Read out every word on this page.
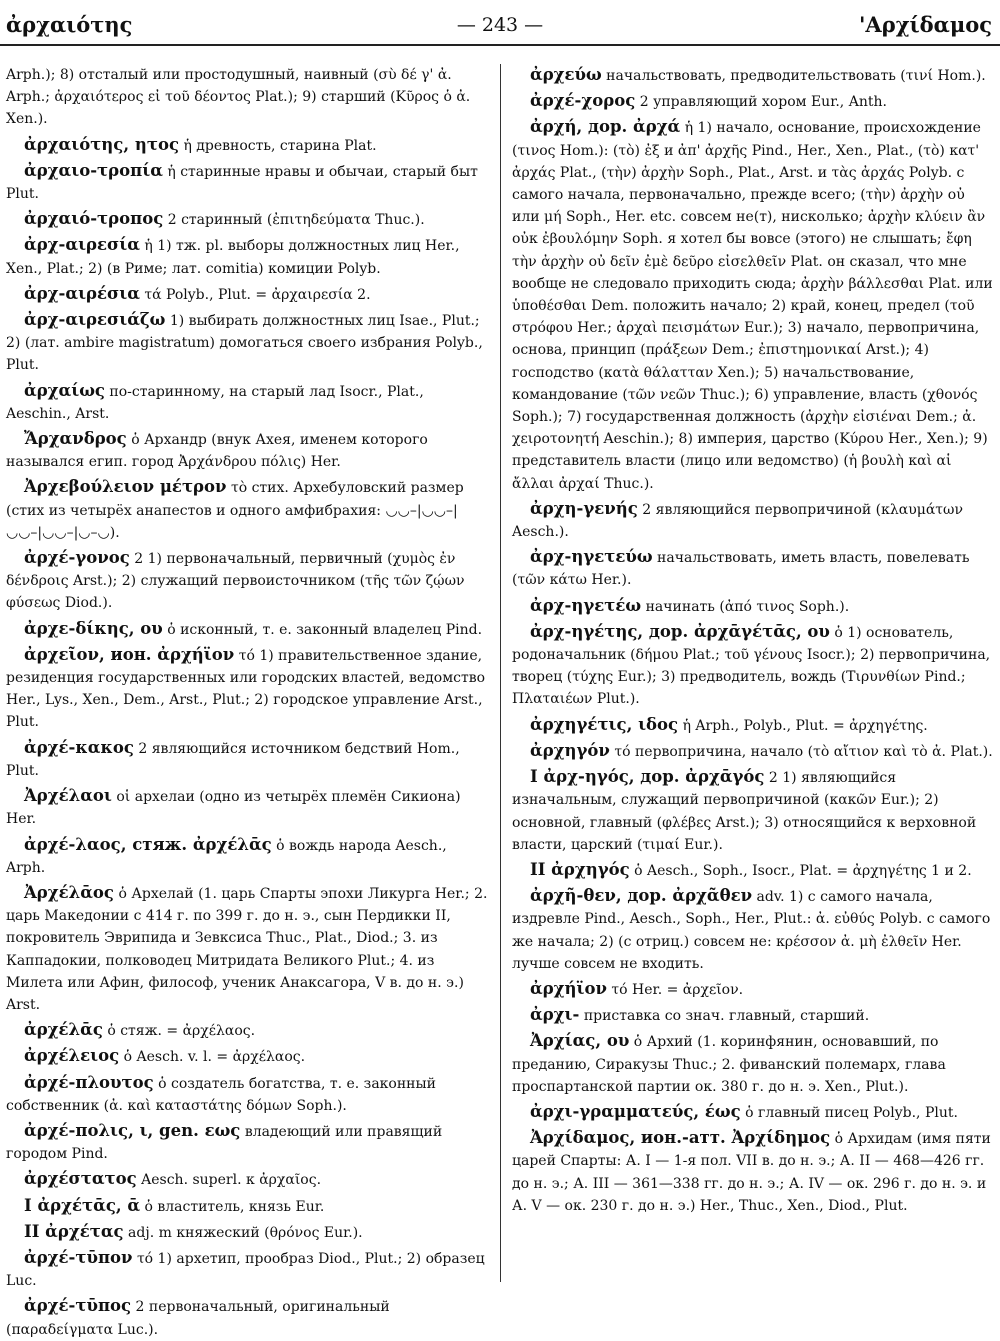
ἀρχαιότης	— 243 —	'Αρχίδαμος

Arph.); 8) отсталый или простодушный, наивный (σὺ δέ γ' ἀ. Arph.; ἀρχαιότερος εἰ τοῦ δέοντος Plat.); 9) старший (Κῦρος ὁ ἀ. Xen.).

ἀρχαιότης, ητος ἡ древность, старина Plat.

ἀρχαιο-τροπία ἡ старинные нравы и обычаи, старый быт Plut.

ἀρχαιό-τροπος 2 старинный (ἐπιτηδεύματα Thuc.).

ἀρχ-αιρεσία ἡ 1) тж. pl. выборы должностных лиц Her., Xen., Plat.; 2) (в Риме; лат. comitia) комиции Polyb.

ἀρχ-αιρέσια τά Polyb., Plut. = ἀρχαιρεσία 2.

ἀρχ-αιρεσιάζω 1) выбирать должностных лиц Isae., Plut.; 2) (лат. ambire magistratum) домогаться своего избрания Polyb., Plut.

ἀρχαίως по-старинному, на старый лад Isocr., Plat., Aeschin., Arst.

Ἄρχανδρος ὁ Архандр (внук Ахея, именем которого назывался егип. город Ἀρχάνδρου πόλις) Her.

Ἀρχεβούλειον μέτρον τὸ стих. Архебуловский размер (стих из четырёх анапестов и одного амфибрахия: ◡◡–|◡◡–|◡◡–|◡◡–|◡–◡).

ἀρχέ-γονος 2 1) первоначальный, первичный (χυμὸς ἐν δένδροις Arst.); 2) служащий первоисточником (τῆς τῶν ζῴων φύσεως Diod.).

ἀρχε-δίκης, ου ὁ исконный, т. е. законный владелец Pind.

ἀρχεῖον, ион. ἀρχήϊον τό 1) правительственное здание, резиденция государственных или городских властей, ведомство Her., Lys., Xen., Dem., Arst., Plut.; 2) городское управление Arst., Plut.

ἀρχέ-κακος 2 являющийся источником бедствий Hom., Plut.

Ἀρχέλαοι οἱ архелаи (одно из четырёх племён Сикиона) Her.

ἀρχέ-λαος, стяж. ἀρχέλᾱς ὁ вождь народа Aesch., Arph.

Ἀρχέλᾱος ὁ Архелай (1. царь Спарты эпохи Ликурга Her.; 2. царь Македонии с 414 г. по 399 г. до н. э., сын Пердикки II, покровитель Эврипида и Зевксиса Thuc., Plat., Diod.; 3. из Каппадокии, полководец Митридата Великого Plut.; 4. из Милета или Афин, философ, ученик Анаксагора, V в. до н. э.) Arst.

ἀρχέλᾱς ὁ стяж. = ἀρχέλαος.

ἀρχέλειος ὁ Aesch. v. l. = ἀρχέλαος.

ἀρχέ-πλουτος ὁ создатель богатства, т. е. законный собственник (ἀ. καὶ καταστάτης δόμων Soph.).

ἀρχέ-πολις, ι, gen. εως владеющий или правящий городом Pind.

ἀρχέστατος Aesch. superl. к ἀρχαῖος.

I ἀρχέτᾱς, ᾱ ὁ властитель, князь Eur.

II ἀρχέτας adj. m княжеский (θρόνος Eur.).

ἀρχέ-τῡπον τό 1) архетип, прообраз Diod., Plut.; 2) образец Luc.

ἀρχέ-τῡπος 2 первоначальный, оригинальный (παραδείγματα Luc.).

ἀρχεύω начальствовать, предводительствовать (τινί Hom.).

ἀρχέ-χορος 2 управляющий хором Eur., Anth.

ἀρχή, дор. ἀρχά ἡ 1) начало, основание, происхождение (τινος Hom.): (τὸ) ἐξ и ἀπ' ἀρχῆς Pind., Her., Xen., Plat., (τὸ) κατ' ἀρχάς Plat., (τὴν) ἀρχὴν Soph., Plat., Arst. и τὰς ἀρχάς Polyb. с самого начала, первоначально, прежде всего; (τὴν) ἀρχὴν οὐ или μή Soph., Her. etc. совсем не(т), нисколько; ἀρχὴν κλύειν ἂν οὐκ ἐβουλόμην Soph. я хотел бы вовсе (этого) не слышать; ἔφη τὴν ἀρχὴν οὐ δεῖν ἐμὲ δεῦρο εἰσελθεῖν Plat. он сказал, что мне вообще не следовало приходить сюда; ἀρχὴν βάλλεσθαι Plat. или ὑποθέσθαι Dem. положить начало; 2) край, конец, предел (τοῦ στρόφου Her.; ἀρχαὶ πεισμάτων Eur.); 3) начало, первопричина, основа, принцип (πράξεων Dem.; ἐπιστημονικαί Arst.); 4) господство (κατὰ θάλατταν Xen.); 5) начальствование, командование (τῶν νεῶν Thuc.); 6) управление, власть (χθονός Soph.); 7) государственная должность (ἀρχὴν εἰσιέναι Dem.; ἀ. χειροτονητή Aeschin.); 8) империя, царство (Κύρου Her., Xen.); 9) представитель власти (лицо или ведомство) (ἡ βουλὴ καὶ αἱ ἄλλαι ἀρχαί Thuc.).

ἀρχη-γενής 2 являющийся первопричиной (κλαυμάτων Aesch.).

ἀρχ-ηγετεύω начальствовать, иметь власть, повелевать (τῶν κάτω Her.).

ἀρχ-ηγετέω начинать (ἀπό τινος Soph.).

ἀρχ-ηγέτης, дор. ἀρχᾱγέτᾱς, ου ὁ 1) основатель, родоначальник (δήμου Plat.; τοῦ γένους Isocr.); 2) первопричина, творец (τύχης Eur.); 3) предводитель, вождь (Τιρυνθίων Pind.; Πλαταιέων Plut.).

ἀρχηγέτις, ιδος ἡ Arph., Polyb., Plut. = ἀρχηγέτης.

ἀρχηγόν τό первопричина, начало (τὸ αἴτιον καὶ τὸ ἀ. Plat.).

I ἀρχ-ηγός, дор. ἀρχᾱγός 2 1) являющийся изначальным, служащий первопричиной (κακῶν Eur.); 2) основной, главный (φλέβες Arst.); 3) относящийся к верховной власти, царский (τιμαί Eur.).

II ἀρχηγός ὁ Aesch., Soph., Isocr., Plat. = ἀρχηγέτης 1 и 2.

ἀρχῆ-θεν, дор. ἀρχᾶθεν adv. 1) с самого начала, издревле Pind., Aesch., Soph., Her., Plut.: ἀ. εὐθύς Polyb. с самого же начала; 2) (с отриц.) совсем не: κρέσσον ἀ. μὴ ἐλθεῖν Her. лучше совсем не входить.

ἀρχήϊον τό Her. = ἀρχεῖον.

ἀρχι- приставка со знач. главный, старший.

Ἀρχίας, ου ὁ Архий (1. коринфянин, основавший, по преданию, Сиракузы Thuc.; 2. фиванский полемарх, глава проспартанской партии ок. 380 г. до н. э. Xen., Plut.).

ἀρχι-γραμματεύς, έως ὁ главный писец Polyb., Plut.

Ἀρχίδαμος, ион.-атт. Ἀρχίδημος ὁ Архидам (имя пяти царей Спарты: А. I — 1-я пол. VII в. до н. э.; А. II — 468—426 гг. до н. э.; А. III — 361—338 гг. до н. э.; А. IV — ок. 296 г. до н. э. и А. V — ок. 230 г. до н. э.) Her., Thuc., Xen., Diod., Plut.
